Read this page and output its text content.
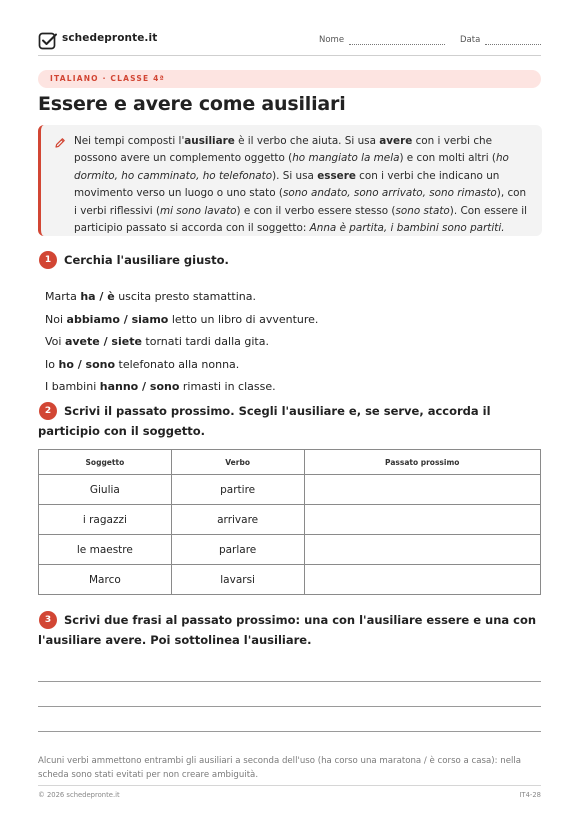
schedepronte.it	Nome	Data
ITALIANO · CLASSE 4ª
Essere e avere come ausiliari
Nei tempi composti l'ausiliare è il verbo che aiuta. Si usa avere con i verbi che possono avere un complemento oggetto (ho mangiato la mela) e con molti altri (ho dormito, ho camminato, ho telefonato). Si usa essere con i verbi che indicano un movimento verso un luogo o uno stato (sono andato, sono arrivato, sono rimasto), con i verbi riflessivi (mi sono lavato) e con il verbo essere stesso (sono stato). Con essere il participio passato si accorda con il soggetto: Anna è partita, i bambini sono partiti.
1	Cerchia l'ausiliare giusto.

Marta ha / è uscita presto stamattina.

Noi abbiamo / siamo letto un libro di avventure.

Voi avete / siete tornati tardi dalla gita.

Io ho / sono telefonato alla nonna.

I bambini hanno / sono rimasti in classe.

2	Scrivi il passato prossimo. Scegli l'ausiliare e, se serve, accorda il participio con il soggetto.
Soggetto	Verbo	Passato prossimo
Giulia	partire	
i ragazzi	arrivare	
le maestre	parlare	
Marco	lavarsi	
3	Scrivi due frasi al passato prossimo: una con l'ausiliare essere e una con l'ausiliare avere. Poi sottolinea l'ausiliare.
Alcuni verbi ammettono entrambi gli ausiliari a seconda dell'uso (ha corso una maratona / è corso a casa): nella scheda sono stati evitati per non creare ambiguità.
© 2026 schedepronte.it	IT4-28
